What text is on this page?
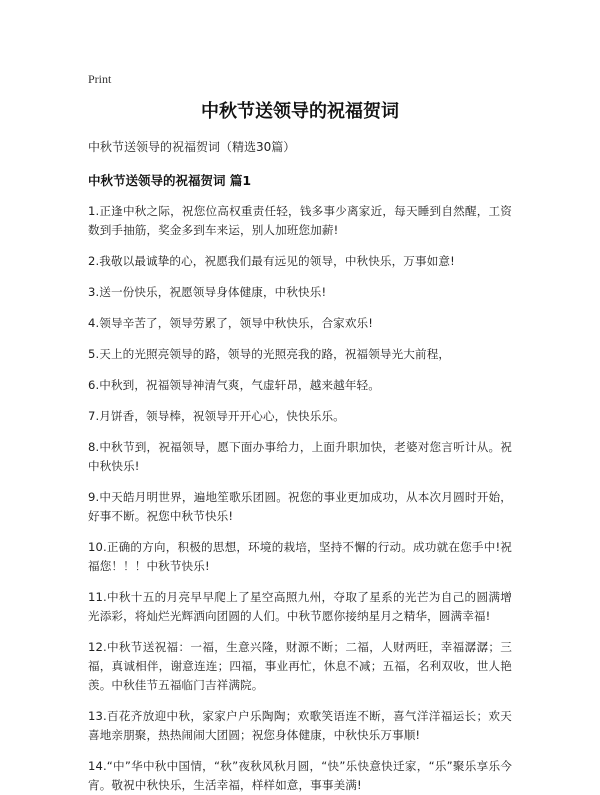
Print
中秋节送领导的祝福贺词
中秋节送领导的祝福贺词（精选30篇）
中秋节送领导的祝福贺词 篇1

1.正逢中秋之际，祝您位高权重责任轻，钱多事少离家近，每天睡到自然醒，工资数到手抽筋，奖金多到车来运，别人加班您加薪!

2.我敬以最诚挚的心，祝愿我们最有远见的领导，中秋快乐，万事如意!

3.送一份快乐，祝愿领导身体健康，中秋快乐!

4.领导辛苦了，领导劳累了，领导中秋快乐，合家欢乐!

5.天上的光照亮领导的路，领导的光照亮我的路，祝福领导光大前程，

6.中秋到，祝福领导神清气爽，气虚轩昂，越来越年轻。

7.月饼香，领导棒，祝领导开开心心，快快乐乐。

8.中秋节到，祝福领导，愿下面办事给力，上面升职加快，老婆对您言听计从。祝中秋快乐!

9.中天皓月明世界，遍地笙歌乐团圆。祝您的事业更加成功，从本次月圆时开始，好事不断。祝您中秋节快乐!

10.正确的方向，积极的思想，环境的栽培，坚持不懈的行动。成功就在您手中!祝福您！！！中秋节快乐!

11.中秋十五的月亮早早爬上了星空高照九州，夺取了星系的光芒为自己的圆满增光添彩，将灿烂光辉洒向团圆的人们。中秋节愿你接纳星月之精华，圆满幸福!

12.中秋节送祝福：一福，生意兴隆，财源不断；二福，人财两旺，幸福潺潺；三福，真诚相伴，谢意连连；四福，事业再忙，休息不减；五福，名利双收，世人艳羡。中秋佳节五福临门吉祥满院。

13.百花齐放迎中秋，家家户户乐陶陶；欢歌笑语连不断，喜气洋洋福运长；欢天喜地亲朋聚，热热闹闹大团圆；祝您身体健康，中秋快乐万事顺!

14.“中”华中秋中国情，“秋”夜秋风秋月圆，“快”乐快意快迁家，“乐”聚乐享乐今宵。敬祝中秋快乐，生活幸福，样样如意，事事美满!
